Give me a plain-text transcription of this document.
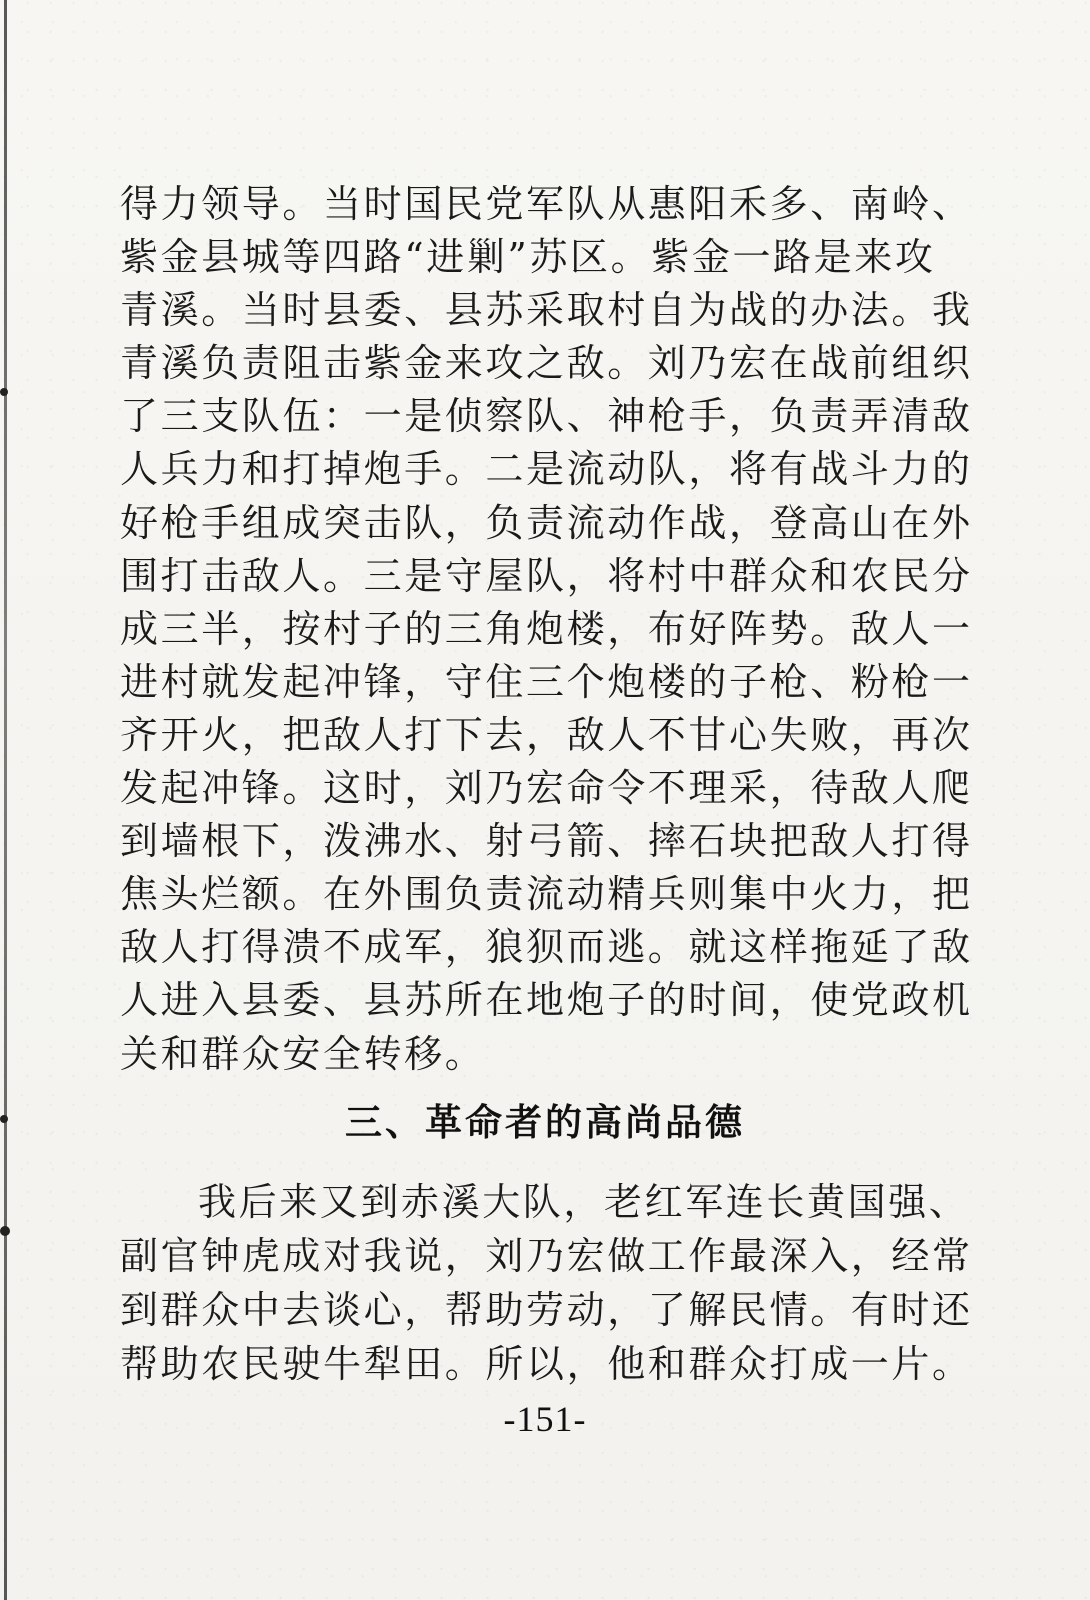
得力领导。当时国民党军队从惠阳禾多、南岭、
紫金县城等四路“进剿”苏区。紫金一路是来攻
青溪。当时县委、县苏采取村自为战的办法。我
青溪负责阻击紫金来攻之敌。刘乃宏在战前组织
了三支队伍：一是侦察队、神枪手，负责弄清敌
人兵力和打掉炮手。二是流动队，将有战斗力的
好枪手组成突击队，负责流动作战，登高山在外
围打击敌人。三是守屋队，将村中群众和农民分
成三半，按村子的三角炮楼，布好阵势。敌人一
进村就发起冲锋，守住三个炮楼的子枪、粉枪一
齐开火，把敌人打下去，敌人不甘心失败，再次
发起冲锋。这时，刘乃宏命令不理采，待敌人爬
到墙根下，泼沸水、射弓箭、摔石块把敌人打得
焦头烂额。在外围负责流动精兵则集中火力，把
敌人打得溃不成军，狼狈而逃。就这样拖延了敌
人进入县委、县苏所在地炮子的时间，使党政机
关和群众安全转移。
三、革命者的高尚品德
我后来又到赤溪大队，老红军连长黄国强、
副官钟虎成对我说，刘乃宏做工作最深入，经常
到群众中去谈心，帮助劳动，了解民情。有时还
帮助农民驶牛犁田。所以，他和群众打成一片。
-151-
